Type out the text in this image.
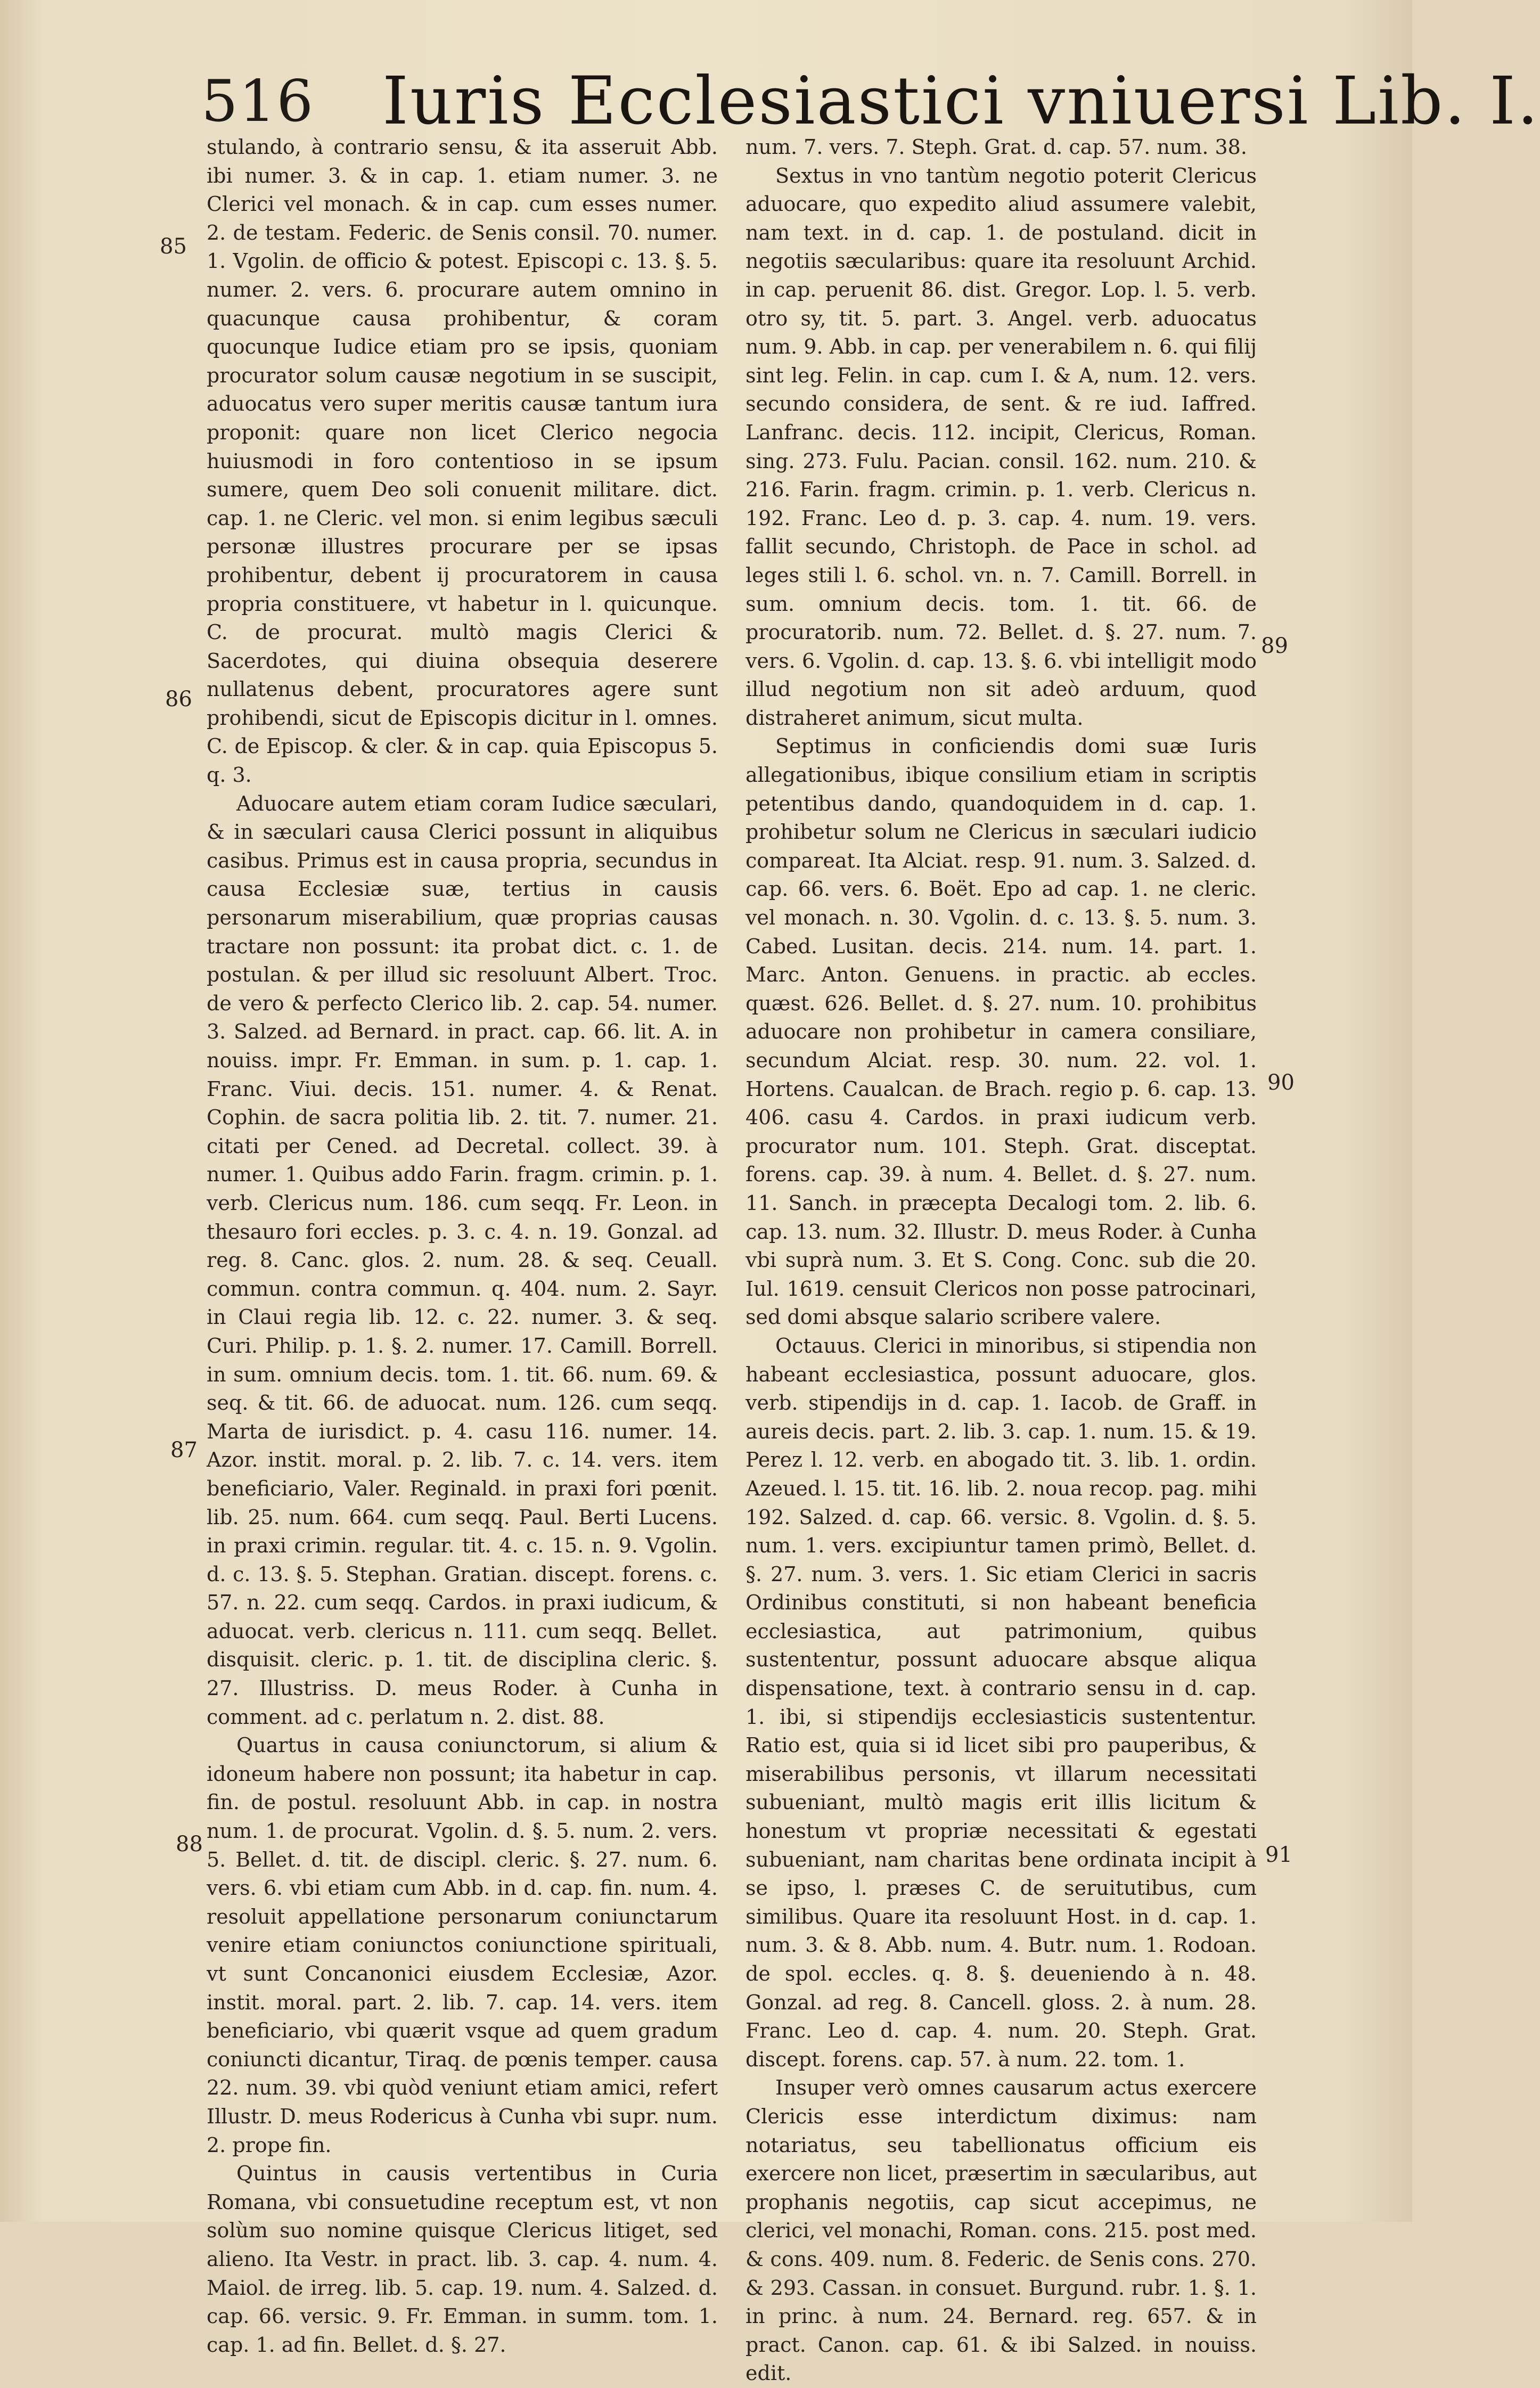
516 Iuris Ecclesiastici vniuersi Lib. I.

stulando, à contrario sensu, & ita asseruit Abb. ibi numer. 3. & in cap. 1. etiam numer. 3. ne Clerici vel monach. & in cap. cum esses numer. 2. de testam. Federic. de Senis consil. 70. numer. 1. Vgolin. de officio & potest. Episcopi c. 13. §. 5. numer. 2. vers. 6. procurare autem omnino in quacunque causa prohibentur, & coram quocunque Iudice etiam pro se ipsis, quoniam procurator solum causæ negotium in se suscipit, aduocatus vero super meritis causæ tantum iura proponit: quare non licet Clerico negocia huiusmodi in foro contentioso in se ipsum sumere, quem Deo soli conuenit militare. dict. cap. 1. ne Cleric. vel mon. si enim legibus sæculi personæ illustres procurare per se ipsas prohibentur, debent ij procuratorem in causa propria constituere, vt habetur in l. quicunque. C. de procurat. multò magis Clerici & Sacerdotes, qui diuina obsequia deserere nullatenus debent, procuratores agere sunt prohibendi, sicut de Episcopis dicitur in l. omnes. C. de Episcop. & cler. & in cap. quia Episcopus 5. q. 3.

Aduocare autem etiam coram Iudice sæculari, & in sæculari causa Clerici possunt in aliquibus casibus. Primus est in causa propria, secundus in causa Ecclesiæ suæ, tertius in causis personarum miserabilium, quæ proprias causas tractare non possunt: ita probat dict. c. 1. de postulan. & per illud sic resoluunt Albert. Troc. de vero & perfecto Clerico lib. 2. cap. 54. numer. 3. Salzed. ad Bernard. in pract. cap. 66. lit. A. in nouiss. impr. Fr. Emman. in sum. p. 1. cap. 1. Franc. Viui. decis. 151. numer. 4. & Renat. Cophin. de sacra politia lib. 2. tit. 7. numer. 21. citati per Cened. ad Decretal. collect. 39. à numer. 1. Quibus addo Farin. fragm. crimin. p. 1. verb. Clericus num. 186. cum seqq. Fr. Leon. in thesauro fori eccles. p. 3. c. 4. n. 19. Gonzal. ad reg. 8. Canc. glos. 2. num. 28. & seq. Ceuall. commun. contra commun. q. 404. num. 2. Sayr. in Claui regia lib. 12. c. 22. numer. 3. & seq. Curi. Philip. p. 1. §. 2. numer. 17. Camill. Borrell. in sum. omnium decis. tom. 1. tit. 66. num. 69. & seq. & tit. 66. de aduocat. num. 126. cum seqq. Marta de iurisdict. p. 4. casu 116. numer. 14. Azor. instit. moral. p. 2. lib. 7. c. 14. vers. item beneficiario, Valer. Reginald. in praxi fori pœnit. lib. 25. num. 664. cum seqq. Paul. Berti Lucens. in praxi crimin. regular. tit. 4. c. 15. n. 9. Vgolin. d. c. 13. §. 5. Stephan. Gratian. discept. forens. c. 57. n. 22. cum seqq. Cardos. in praxi iudicum, & aduocat. verb. clericus n. 111. cum seqq. Bellet. disquisit. cleric. p. 1. tit. de disciplina cleric. §. 27. Illustriss. D. meus Roder. à Cunha in comment. ad c. perlatum n. 2. dist. 88.

Quartus in causa coniunctorum, si alium & idoneum habere non possunt; ita habetur in cap. fin. de postul. resoluunt Abb. in cap. in nostra num. 1. de procurat. Vgolin. d. §. 5. num. 2. vers. 5. Bellet. d. tit. de discipl. cleric. §. 27. num. 6. vers. 6. vbi etiam cum Abb. in d. cap. fin. num. 4. resoluit appellatione personarum coniunctarum venire etiam coniunctos coniunctione spirituali, vt sunt Concanonici eiusdem Ecclesiæ, Azor. instit. moral. part. 2. lib. 7. cap. 14. vers. item beneficiario, vbi quærit vsque ad quem gradum coniuncti dicantur, Tiraq. de pœnis temper. causa 22. num. 39. vbi quòd veniunt etiam amici, refert Illustr. D. meus Rodericus à Cunha vbi supr. num. 2. prope fin.

Quintus in causis vertentibus in Curia Romana, vbi consuetudine receptum est, vt non solùm suo nomine quisque Clericus litiget, sed alieno. Ita Vestr. in pract. lib. 3. cap. 4. num. 4. Maiol. de irreg. lib. 5. cap. 19. num. 4. Salzed. d. cap. 66. versic. 9. Fr. Emman. in summ. tom. 1. cap. 1. ad fin. Bellet. d. §. 27.

num. 7. vers. 7. Steph. Grat. d. cap. 57. num. 38.

Sextus in vno tantùm negotio poterit Clericus aduocare, quo expedito aliud assumere valebit, nam text. in d. cap. 1. de postuland. dicit in negotiis sæcularibus: quare ita resoluunt Archid. in cap. peruenit 86. dist. Gregor. Lop. l. 5. verb. otro sy, tit. 5. part. 3. Angel. verb. aduocatus num. 9. Abb. in cap. per venerabilem n. 6. qui filij sint leg. Felin. in cap. cum I. & A, num. 12. vers. secundo considera, de sent. & re iud. Iaffred. Lanfranc. decis. 112. incipit, Clericus, Roman. sing. 273. Fulu. Pacian. consil. 162. num. 210. & 216. Farin. fragm. crimin. p. 1. verb. Clericus n. 192. Franc. Leo d. p. 3. cap. 4. num. 19. vers. fallit secundo, Christoph. de Pace in schol. ad leges stili l. 6. schol. vn. n. 7. Camill. Borrell. in sum. omnium decis. tom. 1. tit. 66. de procuratorib. num. 72. Bellet. d. §. 27. num. 7. vers. 6. Vgolin. d. cap. 13. §. 6. vbi intelligit modo illud negotium non sit adeò arduum, quod distraheret animum, sicut multa.

Septimus in conficiendis domi suæ Iuris allegationibus, ibique consilium etiam in scriptis petentibus dando, quandoquidem in d. cap. 1. prohibetur solum ne Clericus in sæculari iudicio compareat. Ita Alciat. resp. 91. num. 3. Salzed. d. cap. 66. vers. 6. Boët. Epo ad cap. 1. ne cleric. vel monach. n. 30. Vgolin. d. c. 13. §. 5. num. 3. Cabed. Lusitan. decis. 214. num. 14. part. 1. Marc. Anton. Genuens. in practic. ab eccles. quæst. 626. Bellet. d. §. 27. num. 10. prohibitus aduocare non prohibetur in camera consiliare, secundum Alciat. resp. 30. num. 22. vol. 1. Hortens. Caualcan. de Brach. regio p. 6. cap. 13. 406. casu 4. Cardos. in praxi iudicum verb. procurator num. 101. Steph. Grat. disceptat. forens. cap. 39. à num. 4. Bellet. d. §. 27. num. 11. Sanch. in præcepta Decalogi tom. 2. lib. 6. cap. 13. num. 32. Illustr. D. meus Roder. à Cunha vbi suprà num. 3. Et S. Cong. Conc. sub die 20. Iul. 1619. censuit Clericos non posse patrocinari, sed domi absque salario scribere valere.

Octauus. Clerici in minoribus, si stipendia non habeant ecclesiastica, possunt aduocare, glos. verb. stipendijs in d. cap. 1. Iacob. de Graff. in aureis decis. part. 2. lib. 3. cap. 1. num. 15. & 19. Perez l. 12. verb. en abogado tit. 3. lib. 1. ordin. Azeued. l. 15. tit. 16. lib. 2. noua recop. pag. mihi 192. Salzed. d. cap. 66. versic. 8. Vgolin. d. §. 5. num. 1. vers. excipiuntur tamen primò, Bellet. d. §. 27. num. 3. vers. 1. Sic etiam Clerici in sacris Ordinibus constituti, si non habeant beneficia ecclesiastica, aut patrimonium, quibus sustententur, possunt aduocare absque aliqua dispensatione, text. à contrario sensu in d. cap. 1. ibi, si stipendijs ecclesiasticis sustententur. Ratio est, quia si id licet sibi pro pauperibus, & miserabilibus personis, vt illarum necessitati subueniant, multò magis erit illis licitum & honestum vt propriæ necessitati & egestati subueniant, nam charitas bene ordinata incipit à se ipso, l. præses C. de seruitutibus, cum similibus. Quare ita resoluunt Host. in d. cap. 1. num. 3. & 8. Abb. num. 4. Butr. num. 1. Rodoan. de spol. eccles. q. 8. §. deueniendo à n. 48. Gonzal. ad reg. 8. Cancell. gloss. 2. à num. 28. Franc. Leo d. cap. 4. num. 20. Steph. Grat. discept. forens. cap. 57. à num. 22. tom. 1.

Insuper verò omnes causarum actus exercere Clericis esse interdictum diximus: nam notariatus, seu tabellionatus officium eis exercere non licet, præsertim in sæcularibus, aut prophanis negotiis, cap sicut accepimus, ne clerici, vel monachi, Roman. cons. 215. post med. & cons. 409. num. 8. Federic. de Senis cons. 270. & 293. Cassan. in consuet. Burgund. rubr. 1. §. 1. in princ. à num. 24. Bernard. reg. 657. & in pract. Canon. cap. 61. & ibi Salzed. in nouiss. edit.

85
86
87
88
89
90
91
